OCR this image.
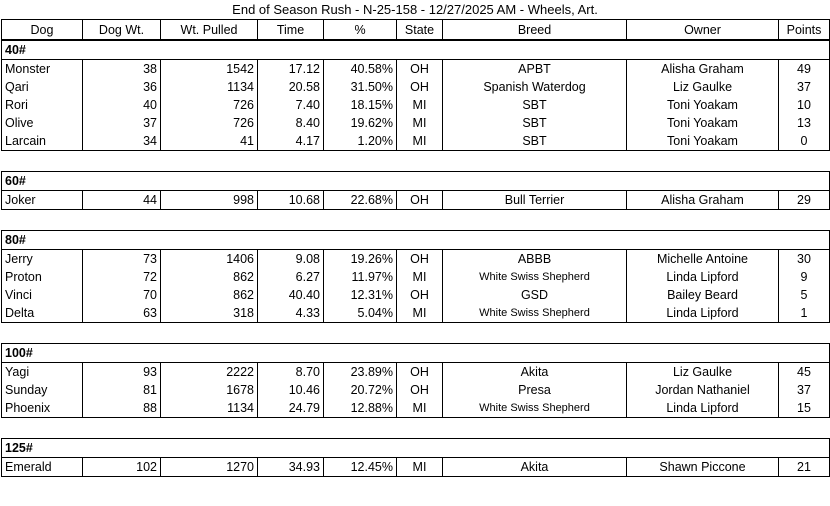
End of Season Rush - N-25-158 - 12/27/2025 AM - Wheels, Art.
Dog	Dog Wt.	Wt. Pulled	Time	%	State	Breed	Owner	Points
40#								
Monster	38	1542	17.12	40.58%	OH	APBT	Alisha Graham	49
Qari	36	1134	20.58	31.50%	OH	Spanish Waterdog	Liz Gaulke	37
Rori	40	726	7.40	18.15%	MI	SBT	Toni Yoakam	10
Olive	37	726	8.40	19.62%	MI	SBT	Toni Yoakam	13
Larcain	34	41	4.17	1.20%	MI	SBT	Toni Yoakam	0

60#								
Joker	44	998	10.68	22.68%	OH	Bull Terrier	Alisha Graham	29

80#								
Jerry	73	1406	9.08	19.26%	OH	ABBB	Michelle Antoine	30
Proton	72	862	6.27	11.97%	MI	White Swiss Shepherd	Linda Lipford	9
Vinci	70	862	40.40	12.31%	OH	GSD	Bailey Beard	5
Delta	63	318	4.33	5.04%	MI	White Swiss Shepherd	Linda Lipford	1

100#								
Yagi	93	2222	8.70	23.89%	OH	Akita	Liz Gaulke	45
Sunday	81	1678	10.46	20.72%	OH	Presa	Jordan Nathaniel	37
Phoenix	88	1134	24.79	12.88%	MI	White Swiss Shepherd	Linda Lipford	15

125#								
Emerald	102	1270	34.93	12.45%	MI	Akita	Shawn Piccone	21
